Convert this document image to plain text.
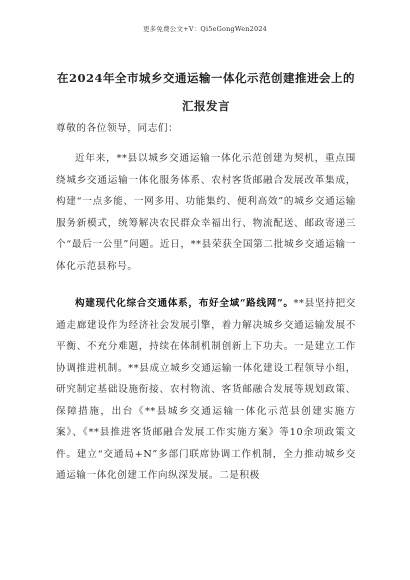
更多免费公文+V：Qi5eGongWen2024
在2024年全市城乡交通运输一体化示范创建推进会上的汇报发言
尊敬的各位领导，同志们：
近年来，**县以城乡交通运输一体化示范创建为契机，重点围绕城乡交通运输一体化服务体系、农村客货邮融合发展改革集成，构建“一点多能、一网多用、功能集约、便利高效”的城乡交通运输服务新模式，统筹解决农民群众幸福出行、物流配送、邮政寄递三个“最后一公里”问题。近日，**县荣获全国第二批城乡交通运输一体化示范县称号。
构建现代化综合交通体系，布好全域“路线网”。**县坚持把交通走廊建设作为经济社会发展引擎，着力解决城乡交通运输发展不平衡、不充分难题，持续在体制机制创新上下功夫。一是建立工作协调推进机制。**县成立城乡交通运输一体化建设工程领导小组，研究制定基础设施衔接、农村物流、客货邮融合发展等规划政策、保障措施，出台《**县城乡交通运输一体化示范县创建实施方案》、《**县推进客货邮融合发展工作实施方案》等10余项政策文件。建立“交通局+N”多部门联席协调工作机制，全力推动城乡交通运输一体化创建工作向纵深发展。二是积极
